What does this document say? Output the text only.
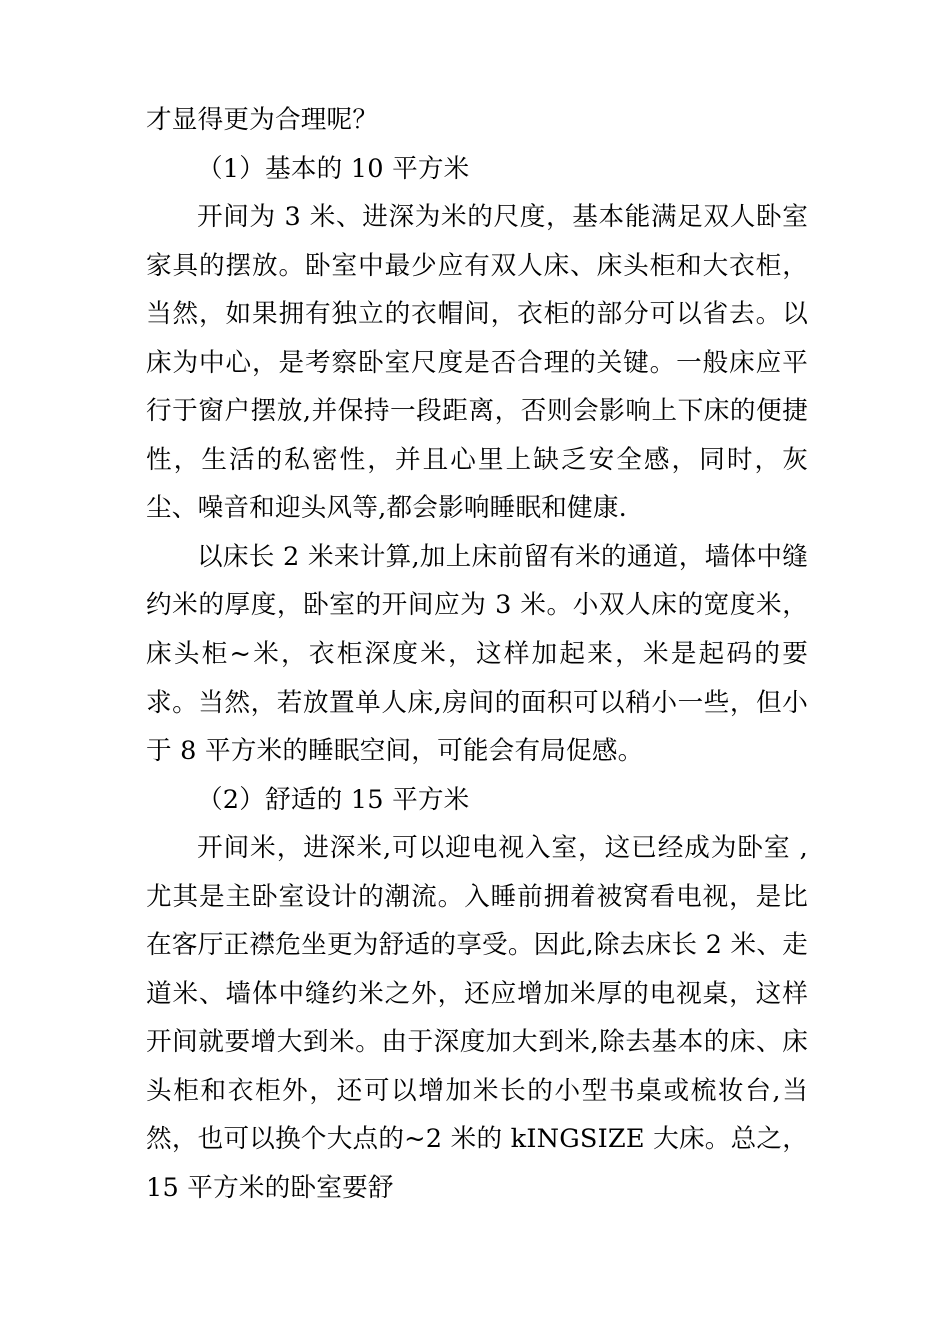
才显得更为合理呢？

（1）基本的 10 平方米

开间为 3 米、进深为米的尺度，基本能满足双人卧室家具的摆放。卧室中最少应有双人床、床头柜和大衣柜，当然，如果拥有独立的衣帽间，衣柜的部分可以省去。以床为中心，是考察卧室尺度是否合理的关键。一般床应平行于窗户摆放,并保持一段距离，否则会影响上下床的便捷性，生活的私密性，并且心里上缺乏安全感，同时，灰尘、噪音和迎头风等,都会影响睡眠和健康.

以床长 2 米来计算,加上床前留有米的通道，墙体中缝约米的厚度，卧室的开间应为 3 米。小双人床的宽度米，床头柜~米，衣柜深度米，这样加起来，米是起码的要求。当然，若放置单人床,房间的面积可以稍小一些，但小于 8 平方米的睡眠空间，可能会有局促感。

（2）舒适的 15 平方米

开间米，进深米,可以迎电视入室，这已经成为卧室 ,尤其是主卧室设计的潮流。入睡前拥着被窝看电视，是比在客厅正襟危坐更为舒适的享受。因此,除去床长 2 米、走道米、墙体中缝约米之外，还应增加米厚的电视桌，这样开间就要增大到米。由于深度加大到米,除去基本的床、床头柜和衣柜外，还可以增加米长的小型书桌或梳妆台,当然，也可以换个大点的~2 米的 kINGSIZE 大床。总之，15 平方米的卧室要舒
